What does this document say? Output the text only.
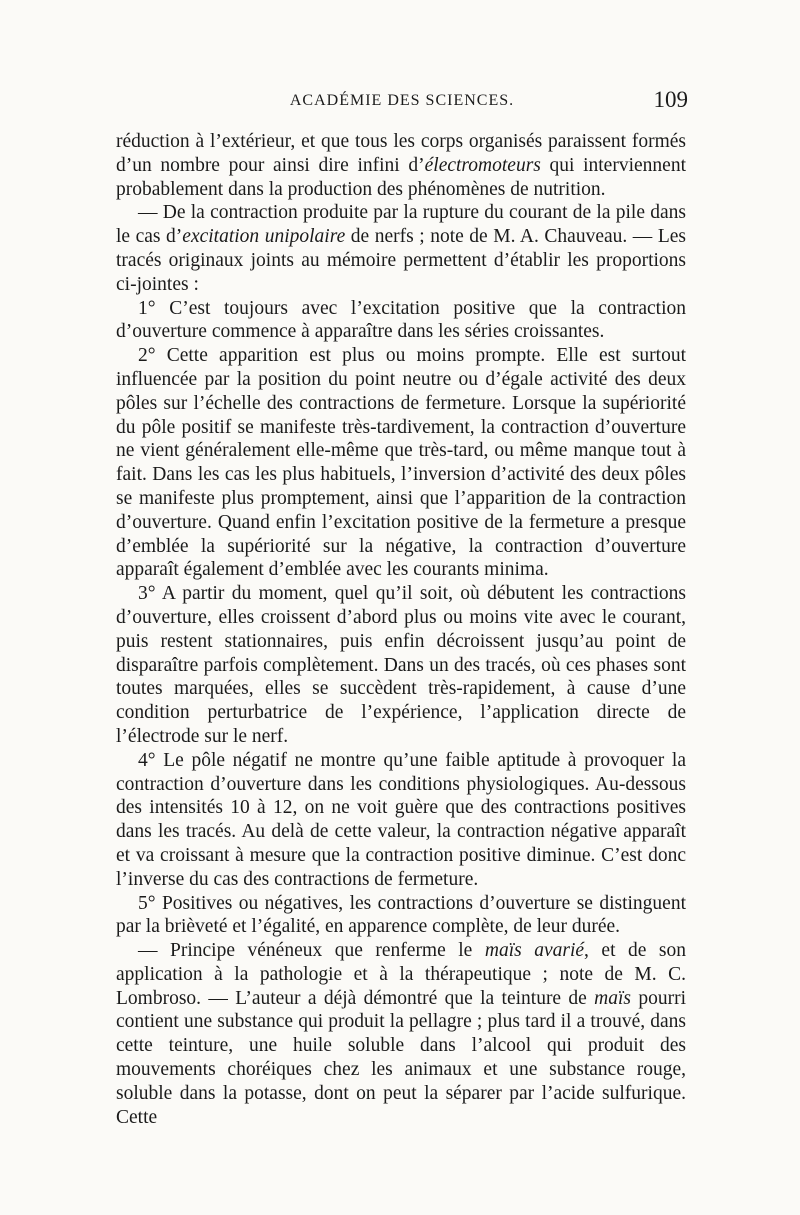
ACADÉMIE DES SCIENCES.	109

réduction à l’extérieur, et que tous les corps organisés paraissent formés d’un nombre pour ainsi dire infini d’électromoteurs qui interviennent probablement dans la production des phénomènes de nutrition.

— De la contraction produite par la rupture du courant de la pile dans le cas d’excitation unipolaire de nerfs ; note de M. A. Chauveau. — Les tracés originaux joints au mémoire permettent d’établir les proportions ci-jointes :

1° C’est toujours avec l’excitation positive que la contraction d’ouverture commence à apparaître dans les séries croissantes.

2° Cette apparition est plus ou moins prompte. Elle est surtout influencée par la position du point neutre ou d’égale activité des deux pôles sur l’échelle des contractions de fermeture. Lorsque la supériorité du pôle positif se manifeste très-tardivement, la contraction d’ouverture ne vient généralement elle-même que très-tard, ou même manque tout à fait. Dans les cas les plus habituels, l’inversion d’activité des deux pôles se manifeste plus promptement, ainsi que l’apparition de la contraction d’ouverture. Quand enfin l’excitation positive de la fermeture a presque d’emblée la supériorité sur la négative, la contraction d’ouverture apparaît également d’emblée avec les courants minima.

3° A partir du moment, quel qu’il soit, où débutent les contractions d’ouverture, elles croissent d’abord plus ou moins vite avec le courant, puis restent stationnaires, puis enfin décroissent jusqu’au point de disparaître parfois complètement. Dans un des tracés, où ces phases sont toutes marquées, elles se succèdent très-rapidement, à cause d’une condition perturbatrice de l’expérience, l’application directe de l’électrode sur le nerf.

4° Le pôle négatif ne montre qu’une faible aptitude à provoquer la contraction d’ouverture dans les conditions physiologiques. Au-dessous des intensités 10 à 12, on ne voit guère que des contractions positives dans les tracés. Au delà de cette valeur, la contraction négative apparaît et va croissant à mesure que la contraction positive diminue. C’est donc l’inverse du cas des contractions de fermeture.

5° Positives ou négatives, les contractions d’ouverture se distinguent par la brièveté et l’égalité, en apparence complète, de leur durée.

— Principe vénéneux que renferme le maïs avarié, et de son application à la pathologie et à la thérapeutique ; note de M. C. Lombroso. — L’auteur a déjà démontré que la teinture de maïs pourri contient une substance qui produit la pellagre ; plus tard il a trouvé, dans cette teinture, une huile soluble dans l’alcool qui produit des mouvements choréiques chez les animaux et une substance rouge, soluble dans la potasse, dont on peut la séparer par l’acide sulfurique. Cette
